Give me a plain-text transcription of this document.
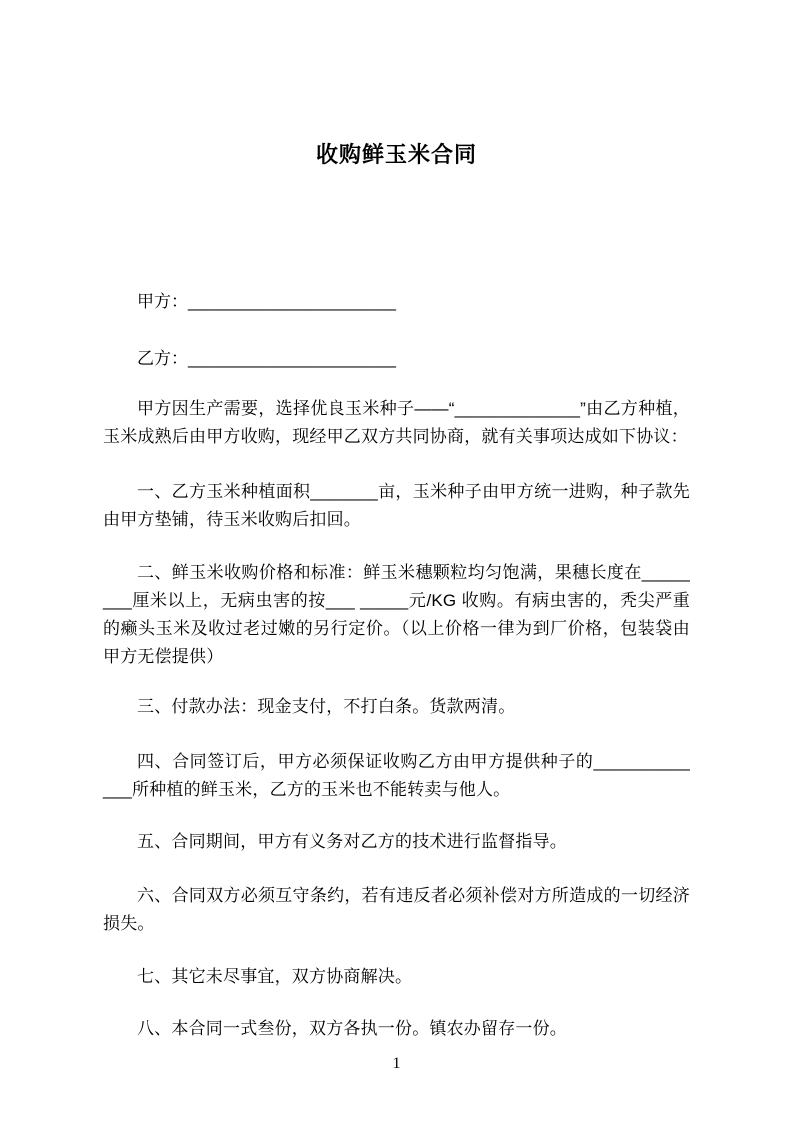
收购鲜玉米合同

甲方：______________________

乙方：______________________

甲方因生产需要，选择优良玉米种子——“_____________”由乙方种植，玉米成熟后由甲方收购，现经甲乙双方共同协商，就有关事项达成如下协议：

一、乙方玉米种植面积_______亩，玉米种子由甲方统一进购，种子款先由甲方垫铺，待玉米收购后扣回。

二、鲜玉米收购价格和标准：鲜玉米穗颗粒均匀饱满，果穗长度在________厘米以上，无病虫害的按___ _____元/KG 收购。有病虫害的，秃尖严重的癞头玉米及收过老过嫩的另行定价。（以上价格一律为到厂价格，包装袋由甲方无偿提供）

三、付款办法：现金支付，不打白条。货款两清。

四、合同签订后，甲方必须保证收购乙方由甲方提供种子的_____________所种植的鲜玉米，乙方的玉米也不能转卖与他人。

五、合同期间，甲方有义务对乙方的技术进行监督指导。

六、合同双方必须互守条约，若有违反者必须补偿对方所造成的一切经济损失。

七、其它未尽事宜，双方协商解决。

八、本合同一式叁份，双方各执一份。镇农办留存一份。

1
